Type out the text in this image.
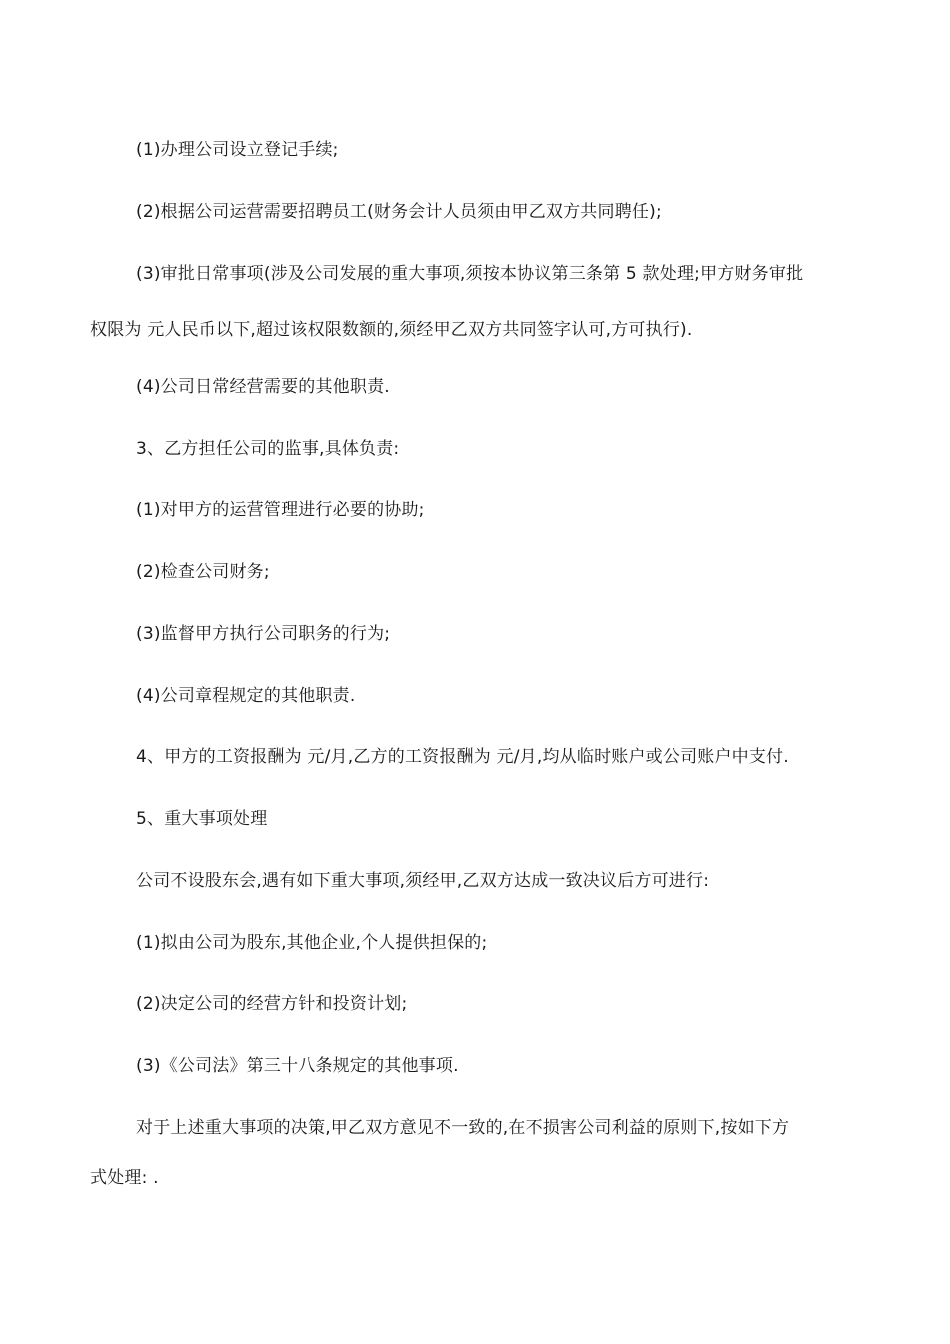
(1)办理公司设立登记手续;
(2)根据公司运营需要招聘员工(财务会计人员须由甲乙双方共同聘任);
(3)审批日常事项(涉及公司发展的重大事项,须按本协议第三条第 5 款处理;甲方财务审批
权限为 元人民币以下,超过该权限数额的,须经甲乙双方共同签字认可,方可执行).
(4)公司日常经营需要的其他职责.
3、乙方担任公司的监事,具体负责:
(1)对甲方的运营管理进行必要的协助;
(2)检查公司财务;
(3)监督甲方执行公司职务的行为;
(4)公司章程规定的其他职责.
4、甲方的工资报酬为 元/月,乙方的工资报酬为 元/月,均从临时账户或公司账户中支付.
5、重大事项处理
公司不设股东会,遇有如下重大事项,须经甲,乙双方达成一致决议后方可进行:
(1)拟由公司为股东,其他企业,个人提供担保的;
(2)决定公司的经营方针和投资计划;
(3)《公司法》第三十八条规定的其他事项.
对于上述重大事项的决策,甲乙双方意见不一致的,在不损害公司利益的原则下,按如下方
式处理: .
